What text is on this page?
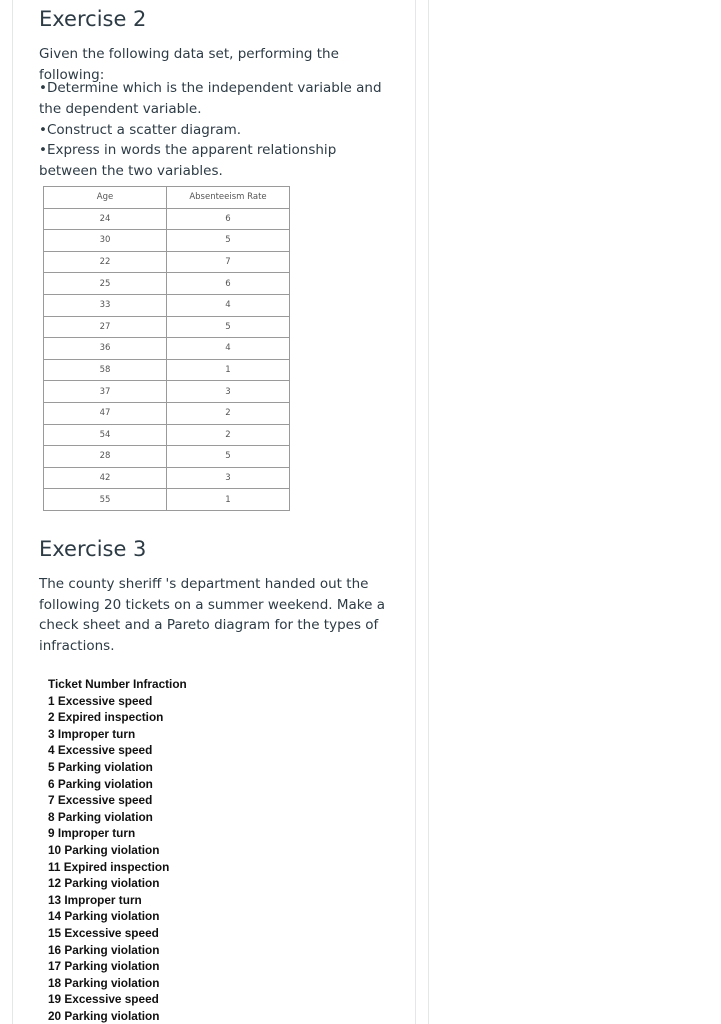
Exercise 2

Given the following data set, performing the following:

•Determine which is the independent variable and the dependent variable.
•Construct a scatter diagram.
•Express in words the apparent relationship between the two variables.
Age	Absenteeism Rate
24	6
30	5
22	7
25	6
33	4
27	5
36	4
58	1
37	3
47	2
54	2
28	5
42	3
55	1
Exercise 3

The county sheriff 's department handed out the following 20 tickets on a summer weekend. Make a check sheet and a Pareto diagram for the types of infractions.

Ticket Number Infraction
1 Excessive speed
2 Expired inspection
3 Improper turn
4 Excessive speed
5 Parking violation
6 Parking violation
7 Excessive speed
8 Parking violation
9 Improper turn
10 Parking violation
11 Expired inspection
12 Parking violation
13 Improper turn
14 Parking violation
15 Excessive speed
16 Parking violation
17 Parking violation
18 Parking violation
19 Excessive speed
20 Parking violation
